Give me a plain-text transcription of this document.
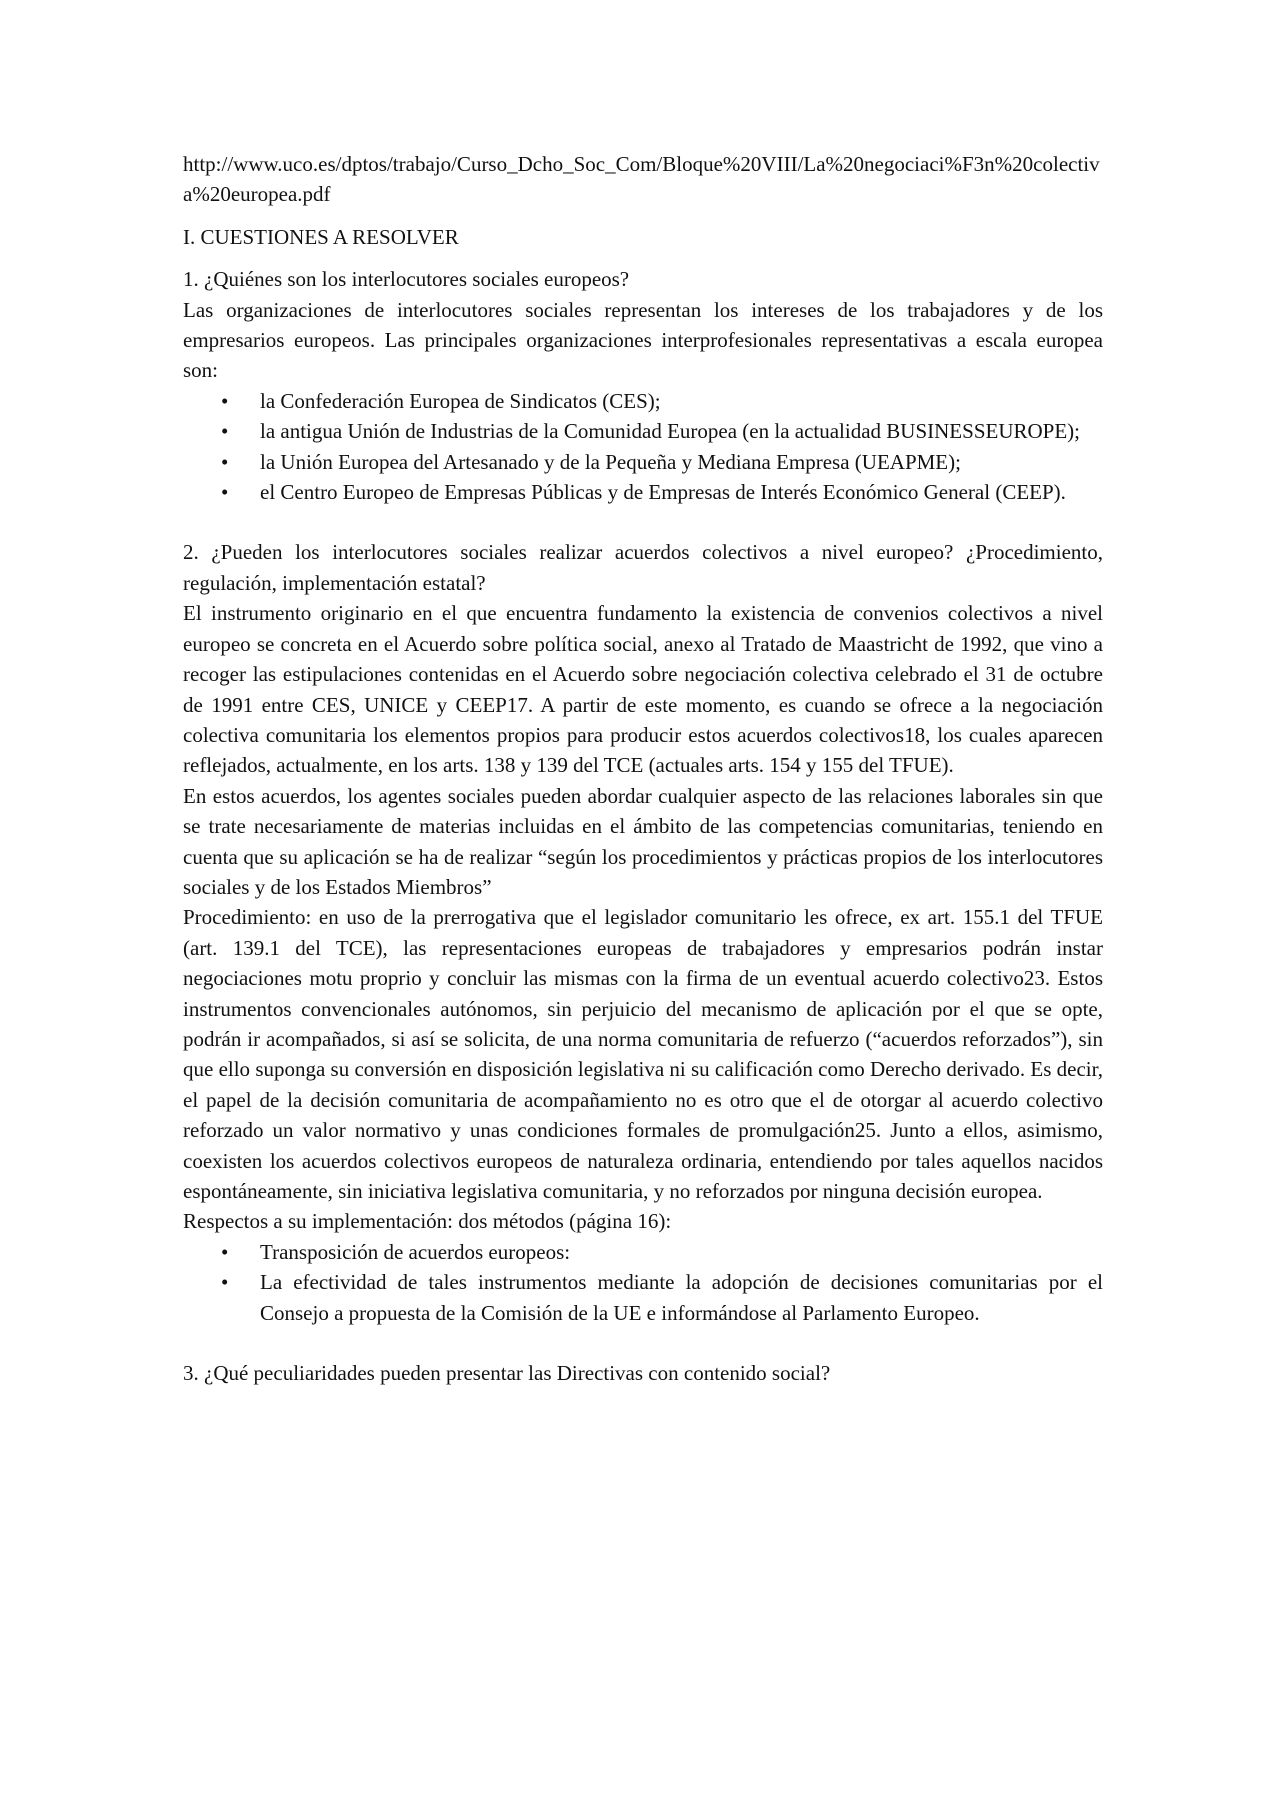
http://www.uco.es/dptos/trabajo/Curso_Dcho_Soc_Com/Bloque%20VIII/La%20negociaci%F3n%20colectiva%20europea.pdf

I. CUESTIONES A RESOLVER

1. ¿Quiénes son los interlocutores sociales europeos?

Las organizaciones de interlocutores sociales representan los intereses de los trabajadores y de los empresarios europeos. Las principales organizaciones interprofesionales representativas a escala europea son:

• la Confederación Europea de Sindicatos (CES);
• la antigua Unión de Industrias de la Comunidad Europea (en la actualidad BUSINESSEUROPE);
• la Unión Europea del Artesanado y de la Pequeña y Mediana Empresa (UEAPME);
• el Centro Europeo de Empresas Públicas y de Empresas de Interés Económico General (CEEP).

2. ¿Pueden los interlocutores sociales realizar acuerdos colectivos a nivel europeo? ¿Procedimiento, regulación, implementación estatal?

El instrumento originario en el que encuentra fundamento la existencia de convenios colectivos a nivel europeo se concreta en el Acuerdo sobre política social, anexo al Tratado de Maastricht de 1992, que vino a recoger las estipulaciones contenidas en el Acuerdo sobre negociación colectiva celebrado el 31 de octubre de 1991 entre CES, UNICE y CEEP17. A partir de este momento, es cuando se ofrece a la negociación colectiva comunitaria los elementos propios para producir estos acuerdos colectivos18, los cuales aparecen reflejados, actualmente, en los arts. 138 y 139 del TCE (actuales arts. 154 y 155 del TFUE).

En estos acuerdos, los agentes sociales pueden abordar cualquier aspecto de las relaciones laborales sin que se trate necesariamente de materias incluidas en el ámbito de las competencias comunitarias, teniendo en cuenta que su aplicación se ha de realizar “según los procedimientos y prácticas propios de los interlocutores sociales y de los Estados Miembros”

Procedimiento: en uso de la prerrogativa que el legislador comunitario les ofrece, ex art. 155.1 del TFUE (art. 139.1 del TCE), las representaciones europeas de trabajadores y empresarios podrán instar negociaciones motu proprio y concluir las mismas con la firma de un eventual acuerdo colectivo23. Estos instrumentos convencionales autónomos, sin perjuicio del mecanismo de aplicación por el que se opte, podrán ir acompañados, si así se solicita, de una norma comunitaria de refuerzo (“acuerdos reforzados”), sin que ello suponga su conversión en disposición legislativa ni su calificación como Derecho derivado. Es decir, el papel de la decisión comunitaria de acompañamiento no es otro que el de otorgar al acuerdo colectivo reforzado un valor normativo y unas condiciones formales de promulgación25. Junto a ellos, asimismo, coexisten los acuerdos colectivos europeos de naturaleza ordinaria, entendiendo por tales aquellos nacidos espontáneamente, sin iniciativa legislativa comunitaria, y no reforzados por ninguna decisión europea.

Respectos a su implementación: dos métodos (página 16):

• Transposición de acuerdos europeos:
• La efectividad de tales instrumentos mediante la adopción de decisiones comunitarias por el Consejo a propuesta de la Comisión de la UE e informándose al Parlamento Europeo.

3. ¿Qué peculiaridades pueden presentar las Directivas con contenido social?
